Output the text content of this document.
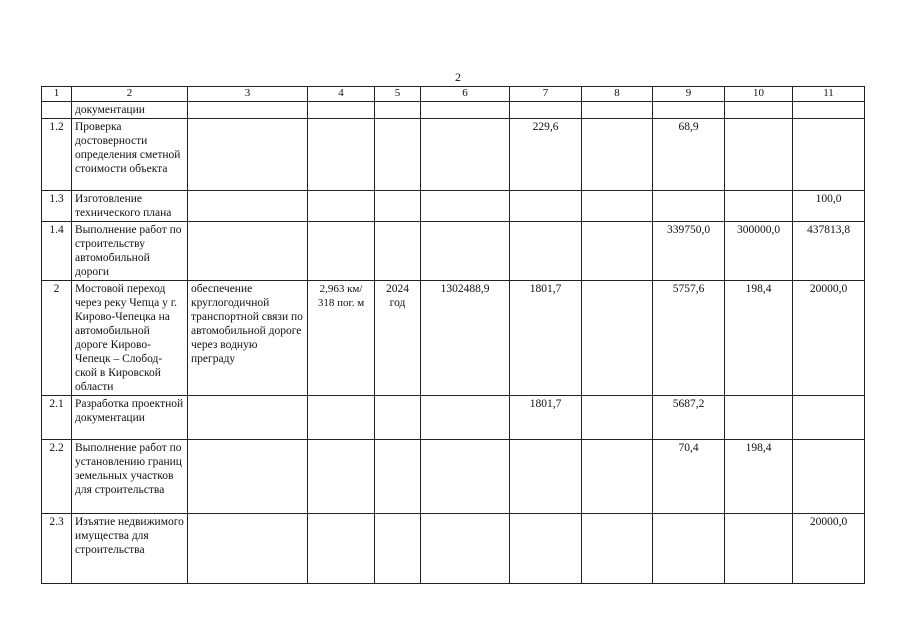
2
1	2	3	4	5	6	7	8	9	10	11
	документации									
1.2	Проверка достоверности определения сметной стоимости объекта					229,6		68,9		
1.3	Изготовление технического плана									100,0
1.4	Выполнение работ по строительству автомобильной дороги							339750,0	300000,0	437813,8
2	Мостовой переход через реку Чепца у г. Кирово-Чепецка на автомобильной дороге Кирово-Чепецк – Слобод-ской в Кировской области	обеспечение круглогодичной транспортной связи по автомобильной дороге через водную преграду	2,963 км/ 318 пог. м	2024 год	1302488,9	1801,7		5757,6	198,4	20000,0
2.1	Разработка проектной документации					1801,7		5687,2		
2.2	Выполнение работ по установлению границ земельных участков для строительства							70,4	198,4	
2.3	Изъятие недвижимого имущества для строительства									20000,0
